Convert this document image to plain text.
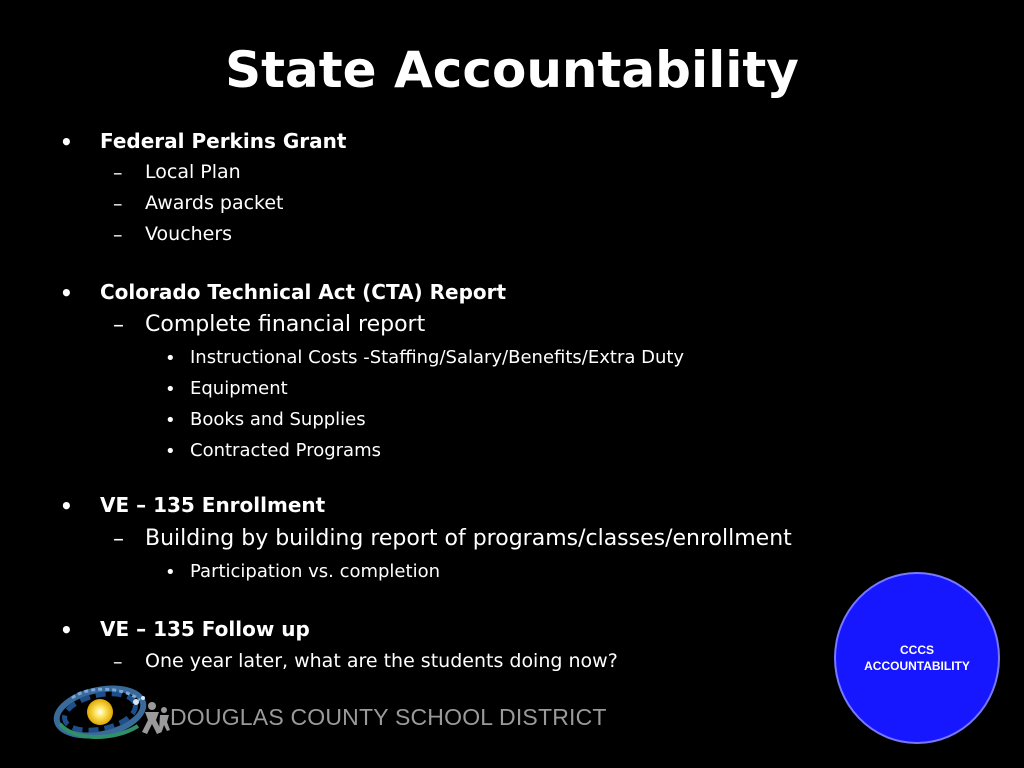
State Accountability
• Federal Perkins Grant
– Local Plan
– Awards packet
– Vouchers
• Colorado Technical Act (CTA) Report
– Complete financial report
• Instructional Costs -Staffing/Salary/Benefits/Extra Duty
• Equipment
• Books and Supplies
• Contracted Programs
• VE – 135 Enrollment
– Building by building report of programs/classes/enrollment
• Participation vs. completion
• VE – 135 Follow up
– One year later, what are the students doing now?	CCCS
ACCOUNTABILITY
DOUGLAS COUNTY SCHOOL DISTRICT
